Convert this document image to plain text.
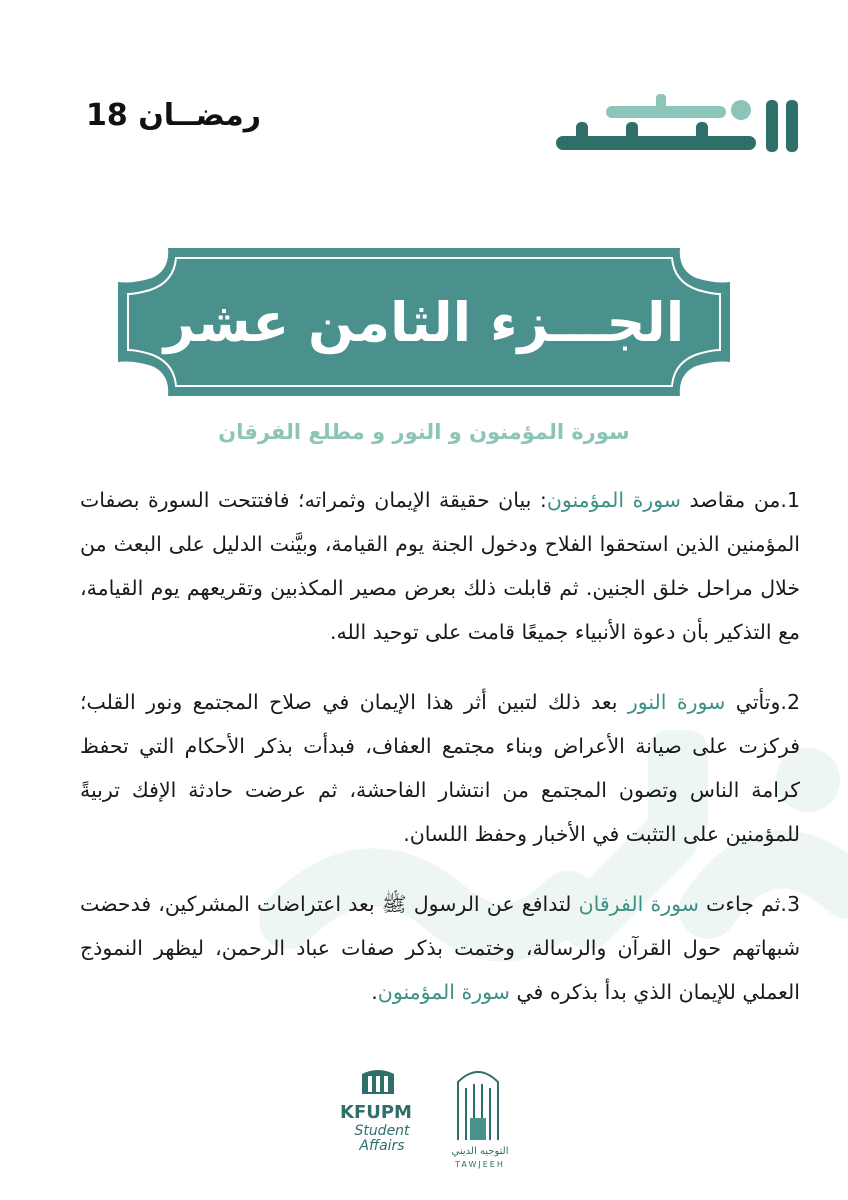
رمضــان 18
الجـــزء الثامن عشر
سورة المؤمنون و النور و مطلع الفرقان

1.من مقاصد سورة المؤمنون: بيان حقيقة الإيمان وثمراته؛ فافتتحت السورة بصفات المؤمنين الذين استحقوا الفلاح ودخول الجنة يوم القيامة، وبيَّنت الدليل على البعث من خلال مراحل خلق الجنين. ثم قابلت ذلك بعرض مصير المكذبين وتقريعهم يوم القيامة، مع التذكير بأن دعوة الأنبياء جميعًا قامت على توحيد الله.

2.وتأتي سورة النور بعد ذلك لتبين أثر هذا الإيمان في صلاح المجتمع ونور القلب؛ فركزت على صيانة الأعراض وبناء مجتمع العفاف، فبدأت بذكر الأحكام التي تحفظ كرامة الناس وتصون المجتمع من انتشار الفاحشة، ثم عرضت حادثة الإفك تربيةً للمؤمنين على التثبت في الأخبار وحفظ اللسان.

3.ثم جاءت سورة الفرقان لتدافع عن الرسول ﷺ بعد اعتراضات المشركين، فدحضت شبهاتهم حول القرآن والرسالة، وختمت بذكر صفات عباد الرحمن، ليظهر النموذج العملي للإيمان الذي بدأ بذكره في سورة المؤمنون.

KFUPM
Student Affairs	التوجيه الديني
TAWJEEH
